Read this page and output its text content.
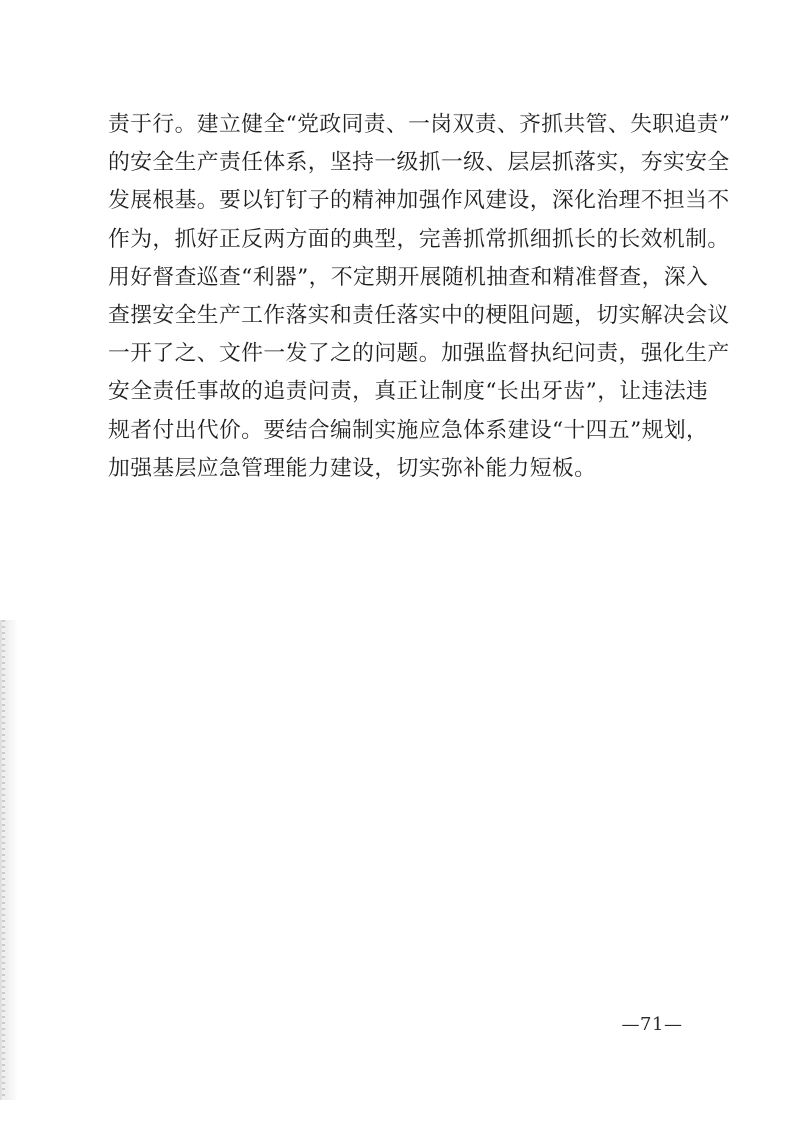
责于行。建立健全“党政同责、一岗双责、齐抓共管、失职追责”
的安全生产责任体系，坚持一级抓一级、层层抓落实，夯实安全
发展根基。要以钉钉子的精神加强作风建设，深化治理不担当不
作为，抓好正反两方面的典型，完善抓常抓细抓长的长效机制。
用好督查巡查“利器”，不定期开展随机抽查和精准督查，深入
查摆安全生产工作落实和责任落实中的梗阻问题，切实解决会议
一开了之、文件一发了之的问题。加强监督执纪问责，强化生产
安全责任事故的追责问责，真正让制度“长出牙齿”，让违法违
规者付出代价。要结合编制实施应急体系建设“十四五”规划，
加强基层应急管理能力建设，切实弥补能力短板。
—71—
